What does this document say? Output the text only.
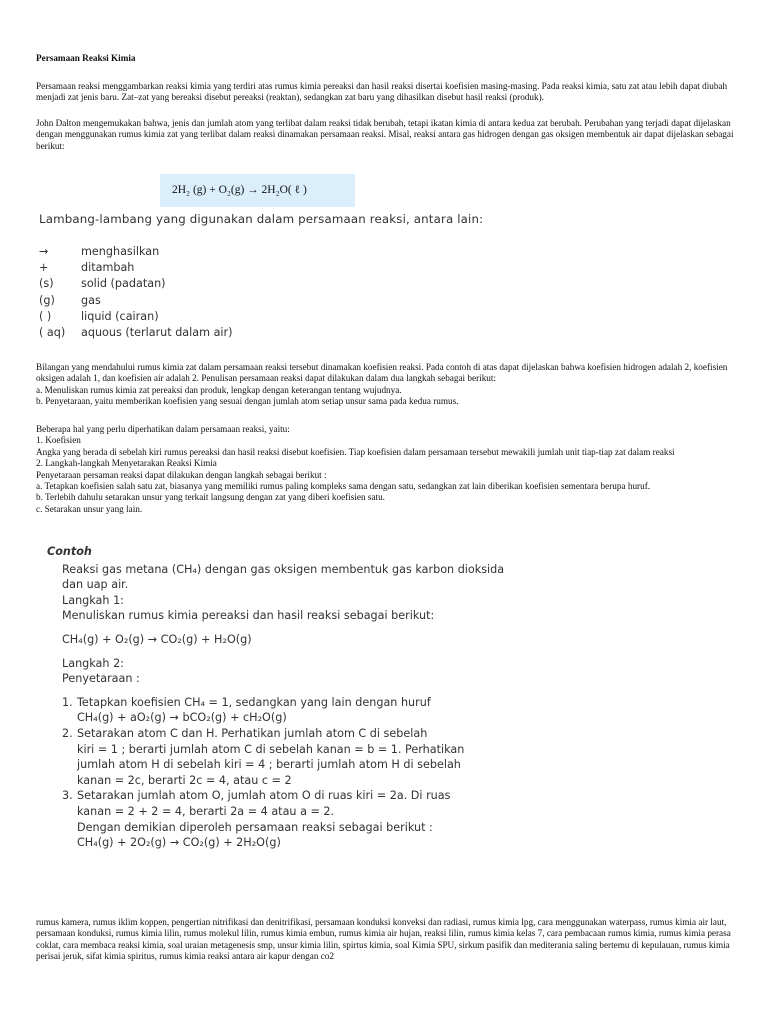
Persamaan Reaksi Kimia
Persamaan reaksi menggambarkan reaksi kimia yang terdiri atas rumus kimia pereaksi dan hasil reaksi disertai koefisien masing-masing. Pada reaksi kimia, satu zat atau lebih dapat diubah menjadi zat jenis baru. Zat–zat yang bereaksi disebut pereaksi (reaktan), sedangkan zat baru yang dihasilkan disebut hasil reaksi (produk).
John Dalton mengemukakan bahwa, jenis dan jumlah atom yang terlibat dalam reaksi tidak berubah, tetapi ikatan kimia di antara kedua zat berubah. Perubahan yang terjadi dapat dijelaskan dengan menggunakan rumus kimia zat yang terlibat dalam reaksi dinamakan persamaan reaksi. Misal, reaksi antara gas hidrogen dengan gas oksigen membentuk air dapat dijelaskan sebagai berikut:
2H₂ (g) + O₂(g) → 2H₂O( ℓ )
Lambang-lambang yang digunakan dalam persamaan reaksi, antara lain:
→	menghasilkan
+	ditambah
(s)	solid (padatan)
(g)	gas
( )	liquid (cairan)
( aq)	aquous (terlarut dalam air)
Bilangan yang mendahului rumus kimia zat dalam persamaan reaksi tersebut dinamakan koefisien reaksi. Pada contoh di atas dapat dijelaskan bahwa koefisien hidrogen adalah 2, koefisien oksigen adalah 1, dan koefisien air adalah 2. Penulisan persamaan reaksi dapat dilakukan dalam dua langkah sebagai berikut:
a. Menuliskan rumus kimia zat pereaksi dan produk, lengkap dengan keterangan tentang wujudnya.
b. Penyetaraan, yaitu memberikan koefisien yang sesuai dengan jumlah atom setiap unsur sama pada kedua rumus.
Beberapa hal yang perlu diperhatikan dalam persamaan reaksi, yaitu:
1. Koefisien
Angka yang berada di sebelah kiri rumus pereaksi dan hasil reaksi disebut koefisien. Tiap koefisien dalam persamaan tersebut mewakili jumlah unit tiap-tiap zat dalam reaksi
2. Langkah-langkah Menyetarakan Reaksi Kimia
Penyetaraan persaman reaksi dapat dilakukan dengan langkah sebagai berikut :
a. Tetapkan koefisien salah satu zat, biasanya yang memiliki rumus paling kompleks sama dengan satu, sedangkan zat lain diberikan koefisien sementara berupa huruf.
b. Terlebih dahulu setarakan unsur yang terkait langsung dengan zat yang diberi koefisien satu.
c. Setarakan unsur yang lain.
Contoh
Reaksi gas metana (CH₄) dengan gas oksigen membentuk gas karbon dioksida dan uap air.
Langkah 1:
Menuliskan rumus kimia pereaksi dan hasil reaksi sebagai berikut:
CH₄(g) + O₂(g) → CO₂(g) + H₂O(g)
Langkah 2:
Penyetaraan :
1. Tetapkan koefisien CH₄ = 1, sedangkan yang lain dengan huruf
CH₄(g) + aO₂(g) → bCO₂(g) + cH₂O(g)
2. Setarakan atom C dan H. Perhatikan jumlah atom C di sebelah
kiri = 1 ; berarti jumlah atom C di sebelah kanan = b = 1. Perhatikan
jumlah atom H di sebelah kiri = 4 ; berarti jumlah atom H di sebelah
kanan = 2c, berarti 2c = 4, atau c = 2
3. Setarakan jumlah atom O, jumlah atom O di ruas kiri = 2a. Di ruas
kanan = 2 + 2 = 4, berarti 2a = 4 atau a = 2.
Dengan demikian diperoleh persamaan reaksi sebagai berikut :
CH₄(g) + 2O₂(g) → CO₂(g) + 2H₂O(g)
rumus kamera, rumus iklim koppen, pengertian nitrifikasi dan denitrifikasi, persamaan konduksi konveksi dan radiasi, rumus kimia lpg, cara menggunakan waterpass, rumus kimia air laut, persamaan konduksi, rumus kimia lilin, rumus molekul lilin, rumus kimia embun, rumus kimia air hujan, reaksi lilin, rumus kimia kelas 7, cara pembacaan rumus kimia, rumus kimia perasa coklat, cara membaca reaksi kimia, soal uraian metagenesis smp, unsur kimia lilin, spirtus kimia, soal Kimia SPU, sirkum pasifik dan mediterania saling bertemu di kepulauan, rumus kimia perisai jeruk, sifat kimia spiritus, rumus kimia reaksi antara air kapur dengan co2
